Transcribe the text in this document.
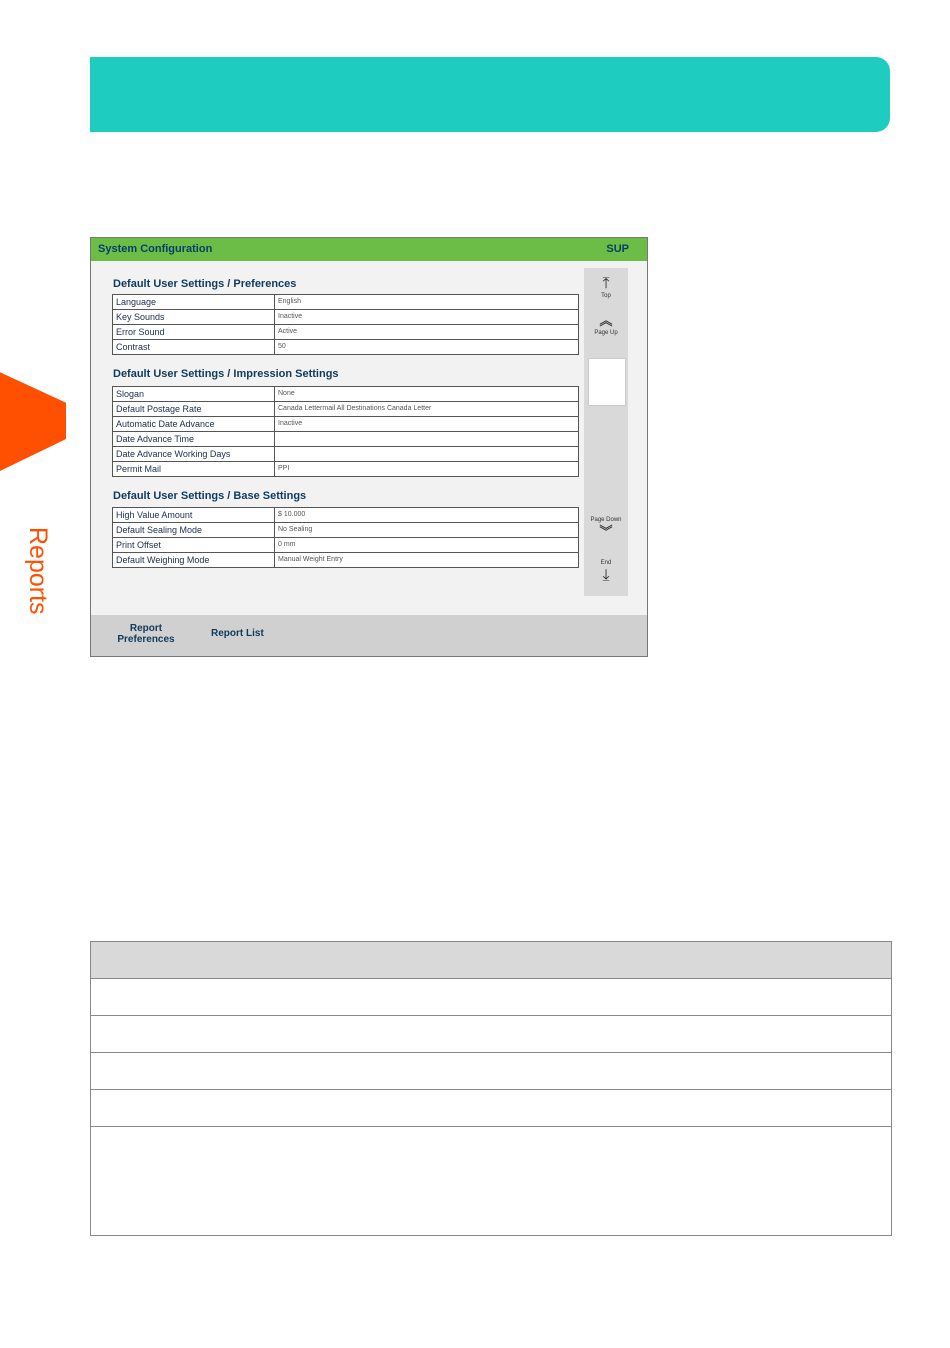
Reports
System Configuration	SUP
Default User Settings / Preferences
Language	English
Key Sounds	Inactive
Error Sound	Active
Contrast	50
Default User Settings / Impression Settings
Slogan	None
Default Postage Rate	Canada Lettermail All Destinations Canada Letter
Automatic Date Advance	Inactive
Date Advance Time	
Date Advance Working Days	
Permit Mail	PPI
Default User Settings / Base Settings
High Value Amount	$ 10.000
Default Sealing Mode	No Sealing
Print Offset	0 mm
Default Weighing Mode	Manual Weight Entry
⤒
Top
︽
Page Up
Page Down
︾
End
⤓
Report
Preferences
Report List
